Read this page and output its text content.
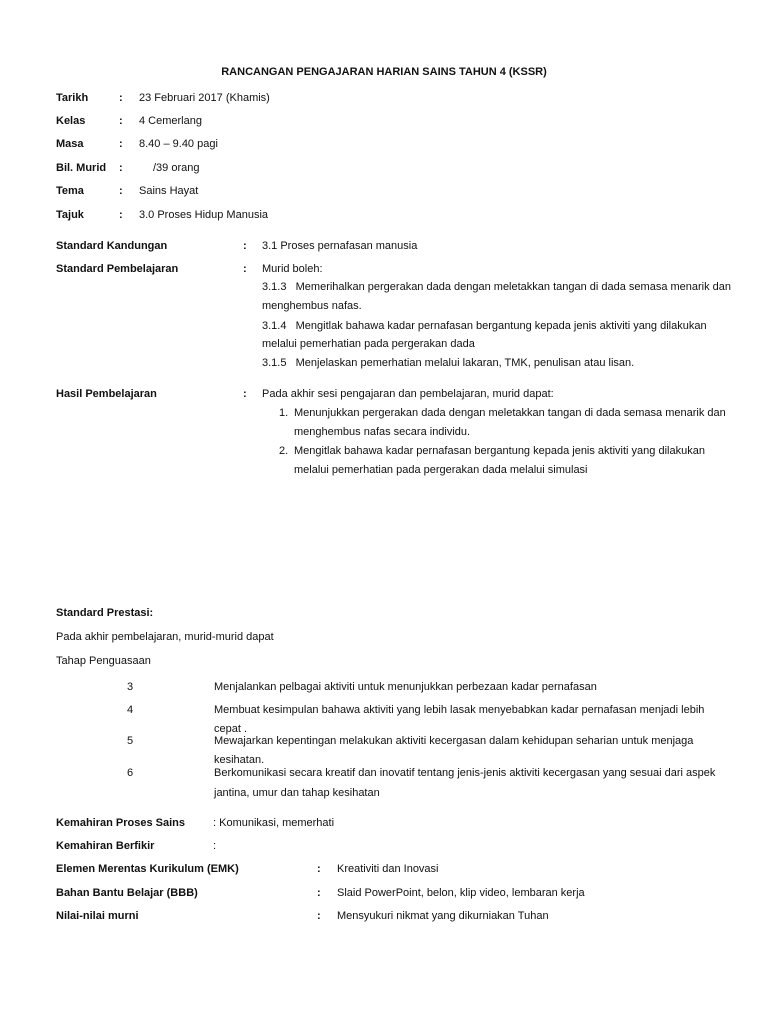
RANCANGAN PENGAJARAN HARIAN SAINS TAHUN 4 (KSSR)
Tarikh	: 23 Februari 2017 (Khamis)
Kelas	: 4 Cemerlang
Masa	: 8.40 – 9.40 pagi
Bil. Murid :	/39 orang
Tema	: Sains Hayat
Tajuk	: 3.0 Proses Hidup Manusia
Standard Kandungan	: 3.1 Proses pernafasan manusia
Standard Pembelajaran	: Murid boleh:
3.1.3 Memerihalkan pergerakan dada dengan meletakkan tangan di dada semasa menarik dan
menghembus nafas.
3.1.4 Mengitlak bahawa kadar pernafasan bergantung kepada jenis aktiviti yang dilakukan
melalui pemerhatian pada pergerakan dada
3.1.5 Menjelaskan pemerhatian melalui lakaran, TMK, penulisan atau lisan.
Hasil Pembelajaran	: Pada akhir sesi pengajaran dan pembelajaran, murid dapat:
1. Menunjukkan pergerakan dada dengan meletakkan tangan di dada semasa menarik dan
menghembus nafas secara individu.
2. Mengitlak bahawa kadar pernafasan bergantung kepada jenis aktiviti yang dilakukan
melalui pemerhatian pada pergerakan dada melalui simulasi
Standard Prestasi:
Pada akhir pembelajaran, murid-murid dapat
Tahap Penguasaan
3	Menjalankan pelbagai aktiviti untuk menunjukkan perbezaan kadar pernafasan
4	Membuat kesimpulan bahawa aktiviti yang lebih lasak menyebabkan kadar pernafasan menjadi lebih
cepat .
5	Mewajarkan kepentingan melakukan aktiviti kecergasan dalam kehidupan seharian untuk menjaga
kesihatan.
6	Berkomunikasi secara kreatif dan inovatif tentang jenis-jenis aktiviti kecergasan yang sesuai dari aspek
jantina, umur dan tahap kesihatan
Kemahiran Proses Sains	: Komunikasi, memerhati
Kemahiran Berfikir	:
Elemen Merentas Kurikulum (EMK)	: Kreativiti dan Inovasi
Bahan Bantu Belajar (BBB)	: Slaid PowerPoint, belon, klip video, lembaran kerja
Nilai-nilai murni	: Mensyukuri nikmat yang dikurniakan Tuhan
